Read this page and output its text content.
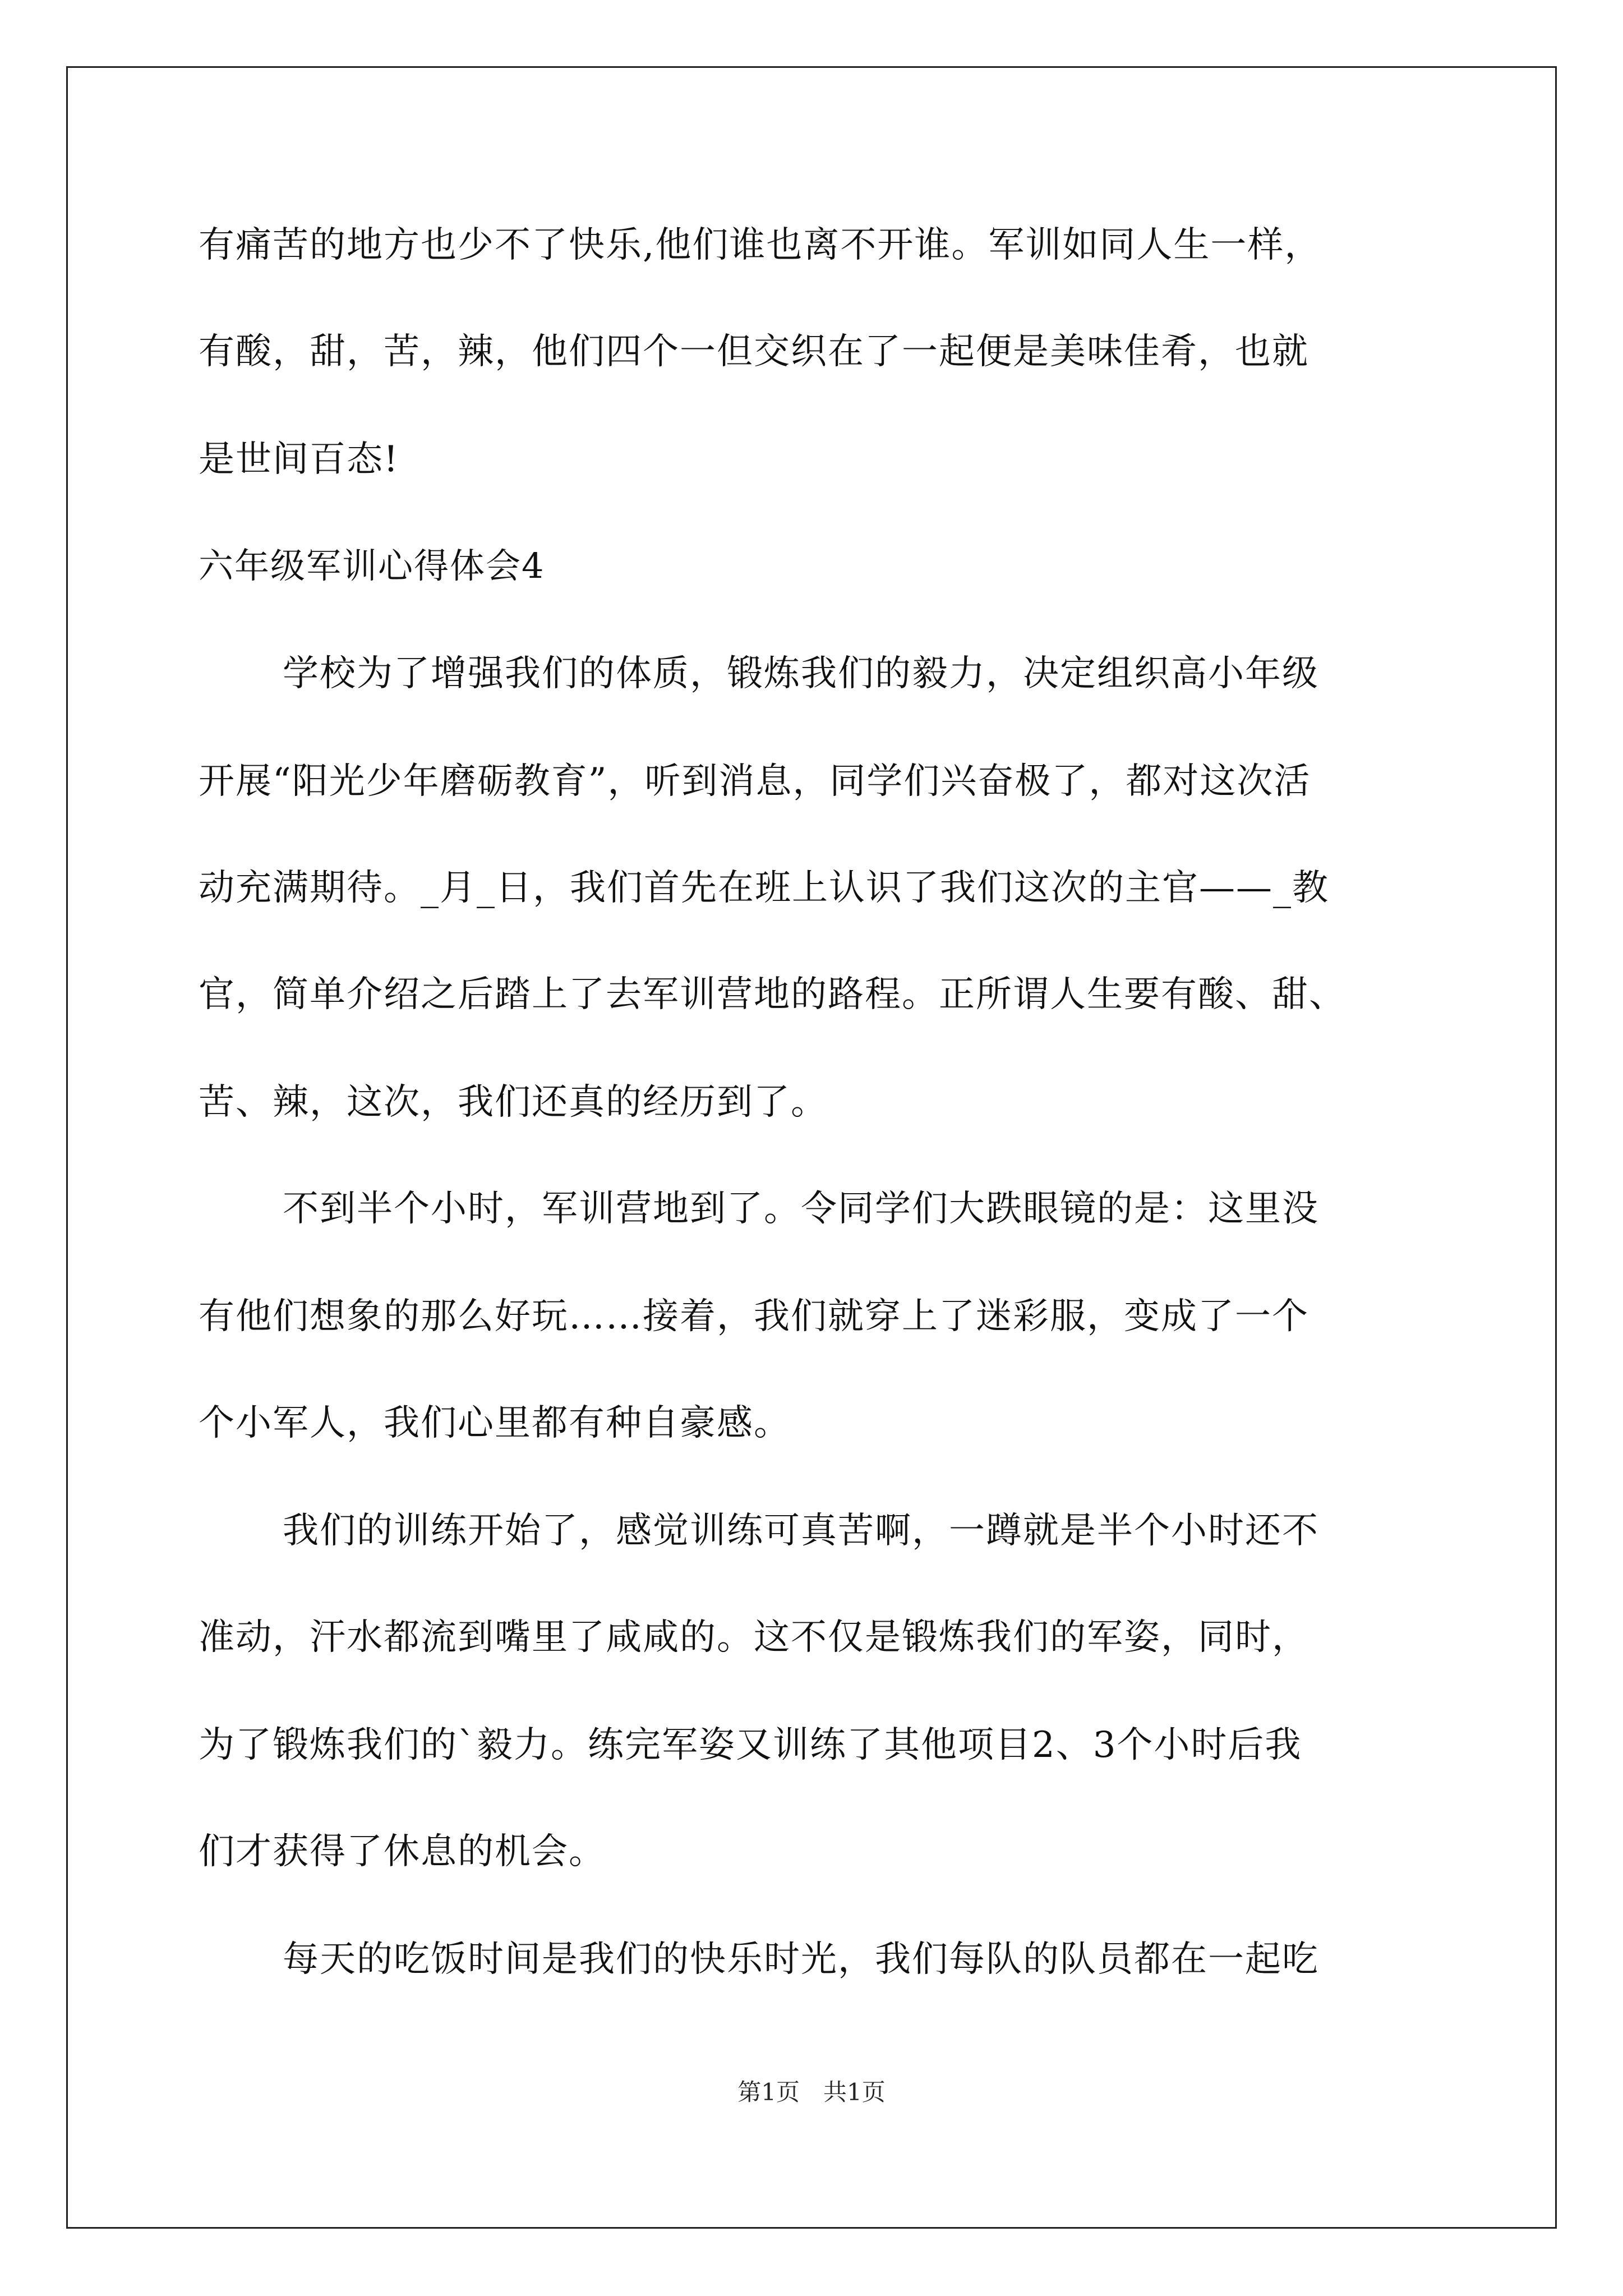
有痛苦的地方也少不了快乐,他们谁也离不开谁。军训如同人生一样，
有酸，甜，苦，辣，他们四个一但交织在了一起便是美味佳肴，也就
是世间百态!
六年级军训心得体会4
学校为了增强我们的体质，锻炼我们的毅力，决定组织高小年级
开展“阳光少年磨砺教育”，听到消息，同学们兴奋极了，都对这次活
动充满期待。_月_日，我们首先在班上认识了我们这次的主官——_教
官，简单介绍之后踏上了去军训营地的路程。正所谓人生要有酸、甜、
苦、辣，这次，我们还真的经历到了。
不到半个小时，军训营地到了。令同学们大跌眼镜的是：这里没
有他们想象的那么好玩……接着，我们就穿上了迷彩服，变成了一个
个小军人，我们心里都有种自豪感。
我们的训练开始了，感觉训练可真苦啊，一蹲就是半个小时还不
准动，汗水都流到嘴里了咸咸的。这不仅是锻炼我们的军姿，同时，
为了锻炼我们的`毅力。练完军姿又训练了其他项目2、3个小时后我
们才获得了休息的机会。
每天的吃饭时间是我们的快乐时光，我们每队的队员都在一起吃
第1页　共1页
